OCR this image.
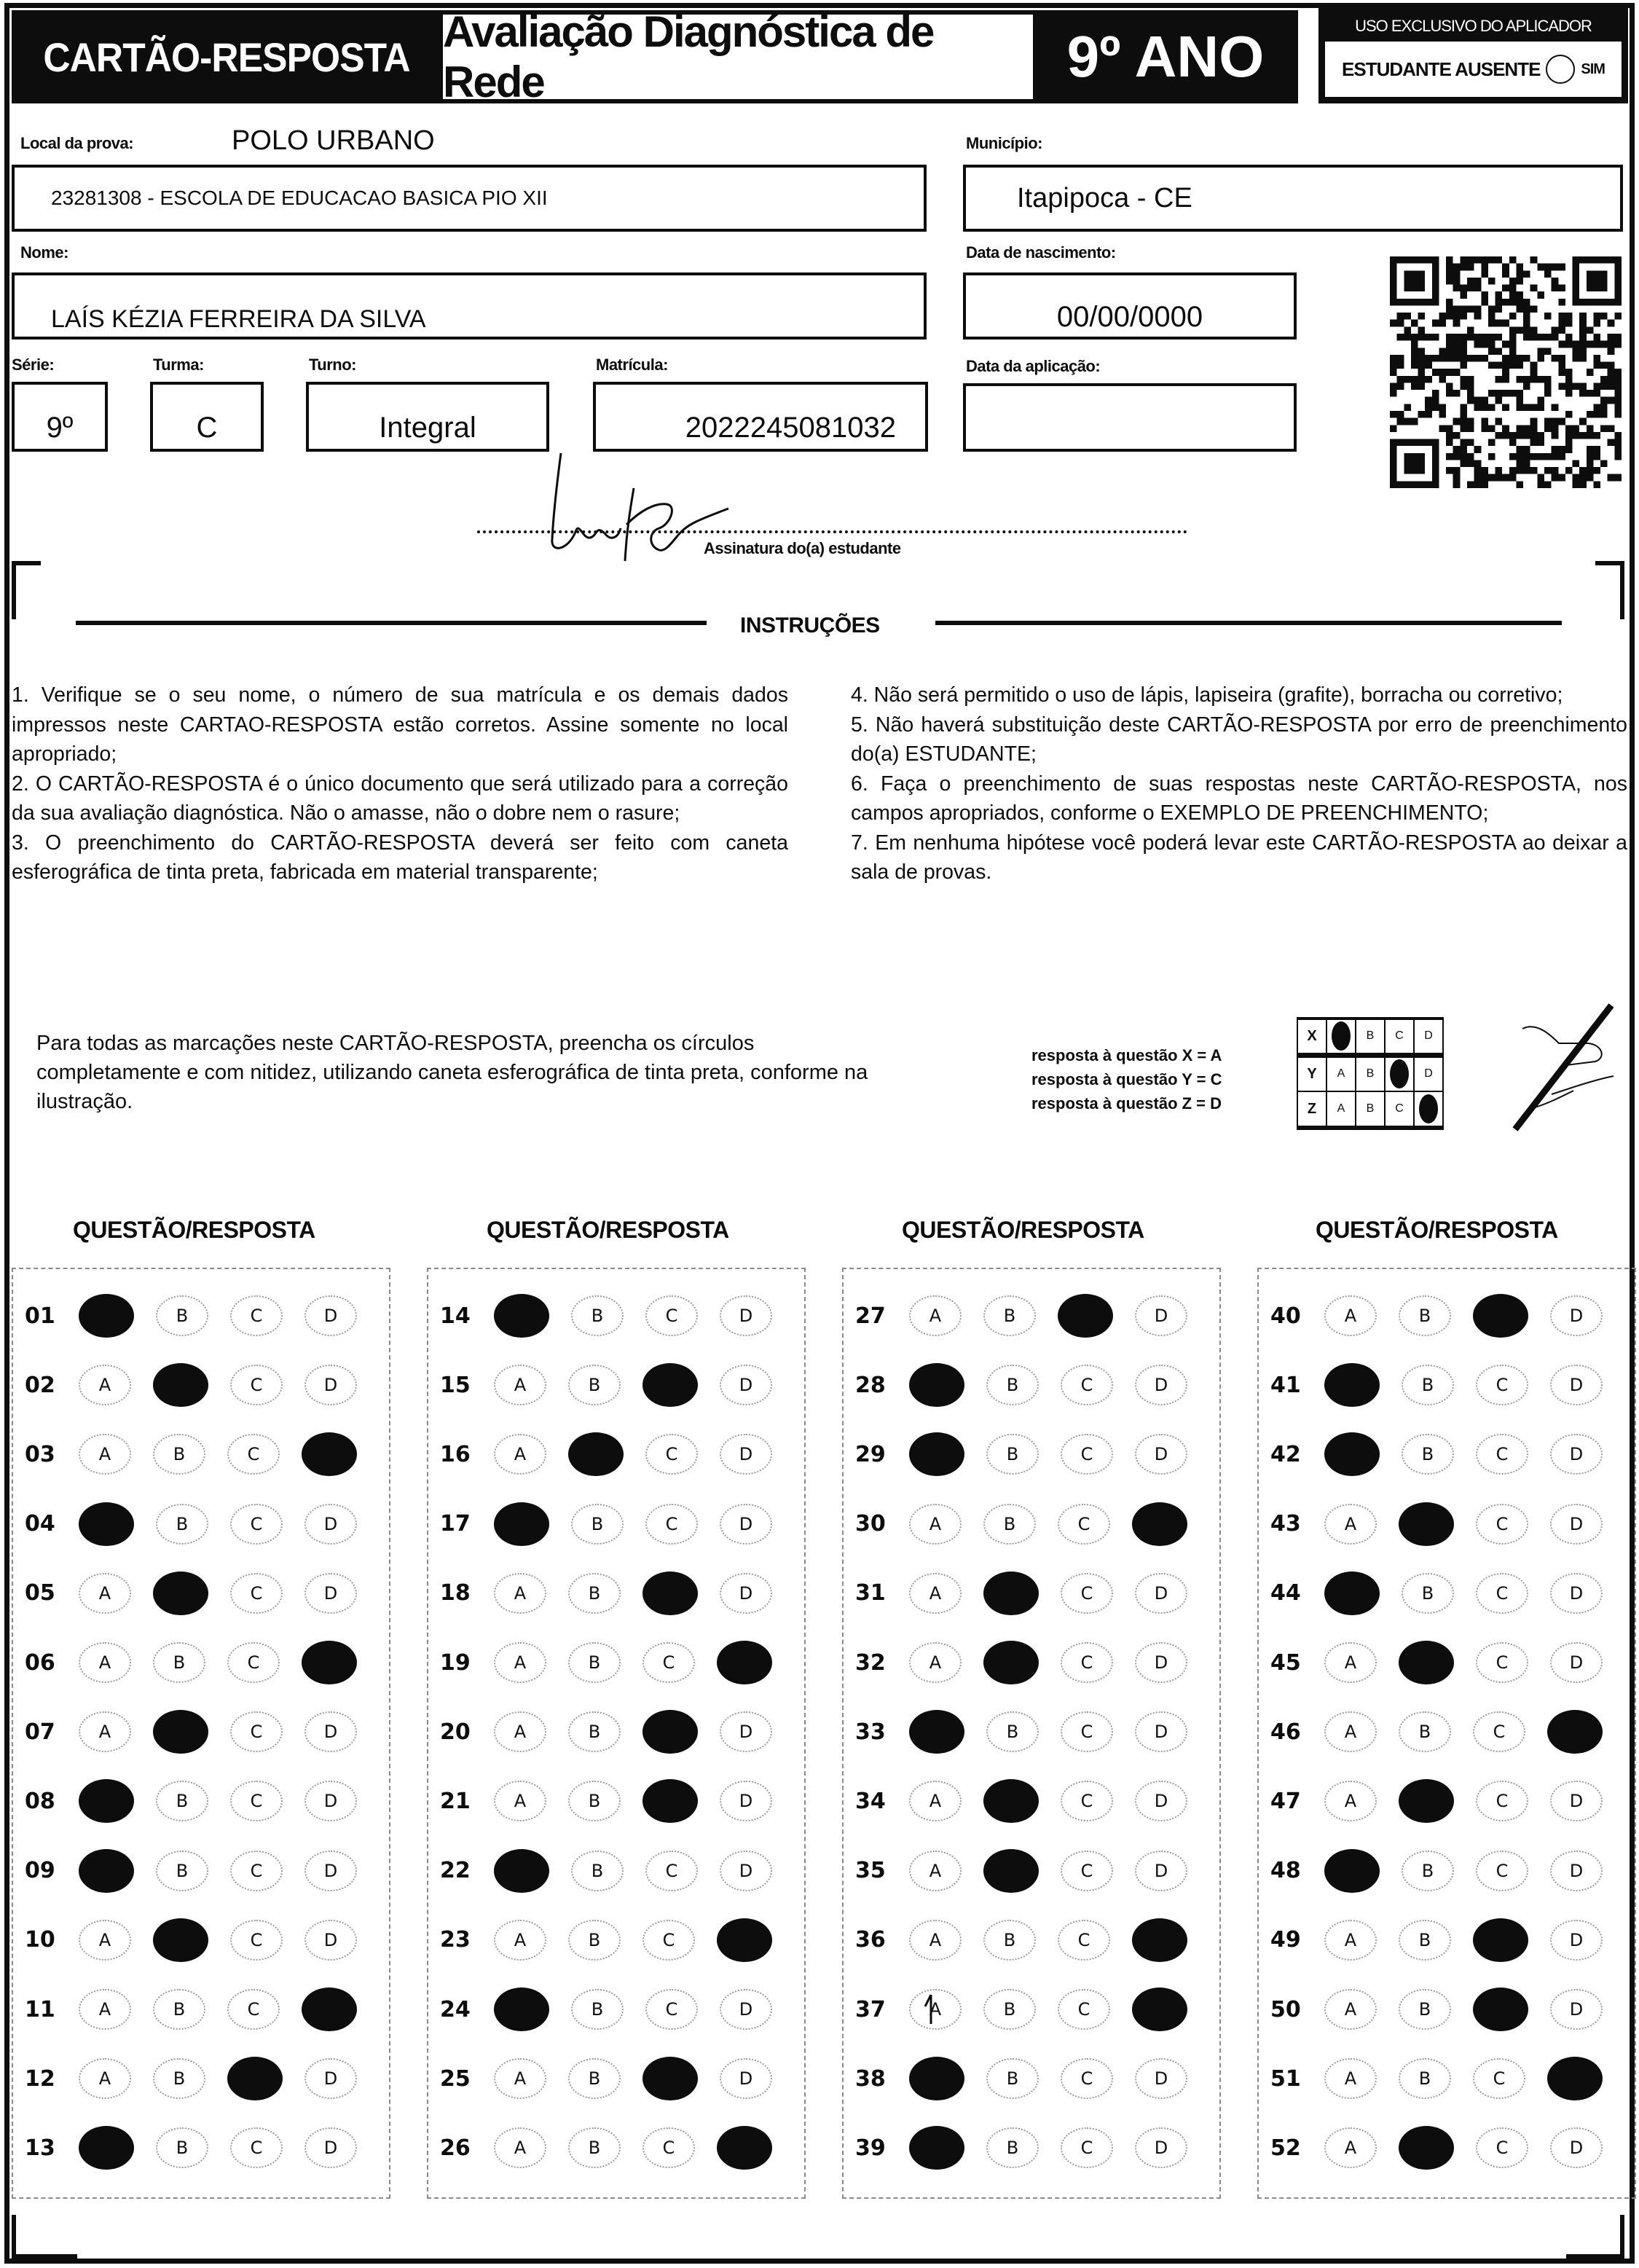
CARTÃO-RESPOSTA
Avaliação Diagnóstica de Rede	9º ANO	USO EXCLUSIVO DO APLICADOR
ESTUDANTE AUSENTE	SIM
Local da prova:	POLO URBANO
23281308 - ESCOLA DE EDUCACAO BASICA PIO XII
Município:
Itapipoca - CE
Nome:
LAÍS KÉZIA FERREIRA DA SILVA
Data de nascimento:
00/00/0000
Série:
9º
Turma:
C
Turno:
Integral
Matrícula:
2022245081032
Data da aplicação:
Assinatura do(a) estudante
INSTRUÇÕES

1. Verifique se o seu nome, o número de sua matrícula e os demais dados impressos neste CARTAO-RESPOSTA estão corretos. Assine somente no local apropriado;

2. O CARTÃO-RESPOSTA é o único documento que será utilizado para a correção da sua avaliação diagnóstica. Não o amasse, não o dobre nem o rasure;

3. O preenchimento do CARTÃO-RESPOSTA deverá ser feito com caneta esferográfica de tinta preta, fabricada em material transparente;

4. Não será permitido o uso de lápis, lapiseira (grafite), borracha ou corretivo;

5. Não haverá substituição deste CARTÃO-RESPOSTA por erro de preenchimento do(a) ESTUDANTE;

6. Faça o preenchimento de suas respostas neste CARTÃO-RESPOSTA, nos campos apropriados, conforme o EXEMPLO DE PREENCHIMENTO;

7. Em nenhuma hipótese você poderá levar este CARTÃO-RESPOSTA ao deixar a sala de provas.

Para todas as marcações neste CARTÃO-RESPOSTA, preencha os círculos completamente e com nitidez, utilizando caneta esferográfica de tinta preta, conforme na ilustração.
resposta à questão X = A
resposta à questão Y = C
resposta à questão Z = D
X		B	C	D
Y	A	B		D
Z	A	B	C	
QUESTÃO/RESPOSTA
01	B	C	D
02	A	C	D
03	A	B	C
04	B	C	D
05	A	C	D
06	A	B	C
07	A	C	D
08	B	C	D
09	B	C	D
10	A	C	D
11	A	B	C
12	A	B	D
13	B	C	D
QUESTÃO/RESPOSTA
14	B	C	D
15	A	B	D
16	A	C	D
17	B	C	D
18	A	B	D
19	A	B	C
20	A	B	D
21	A	B	D
22	B	C	D
23	A	B	C
24	B	C	D
25	A	B	D
26	A	B	C
QUESTÃO/RESPOSTA
27	A	B	D
28	B	C	D
29	B	C	D
30	A	B	C
31	A	C	D
32	A	C	D
33	B	C	D
34	A	C	D
35	A	C	D
36	A	B	C
37	A	B	C
38	B	C	D
39	B	C	D
QUESTÃO/RESPOSTA
40	A	B	D
41	B	C	D
42	B	C	D
43	A	C	D
44	B	C	D
45	A	C	D
46	A	B	C
47	A	C	D
48	B	C	D
49	A	B	D
50	A	B	D
51	A	B	C
52	A	C	D
